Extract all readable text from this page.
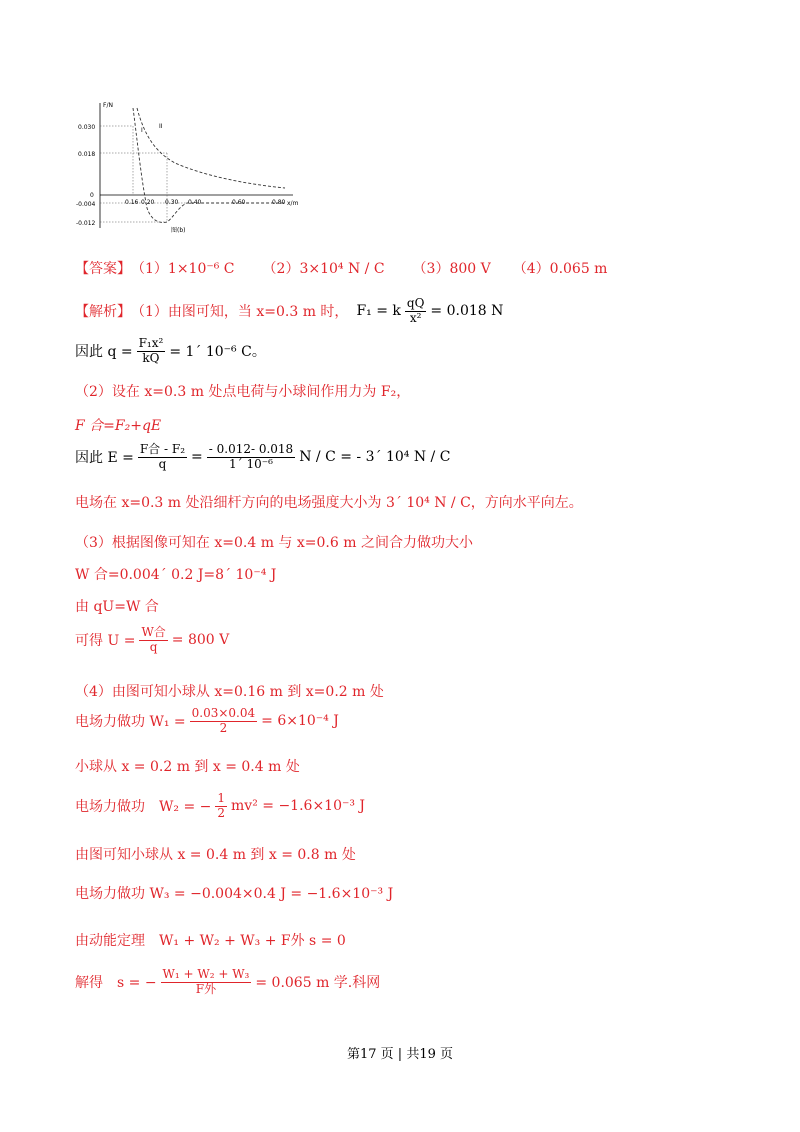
F/N
x/m
0.030
0.018
0
-0.004
-0.012
0.16 0.20 0.30 0.40	0.60	0.80
I
II
图(b)
【答案】 （1）1×10⁻⁶ C （2）3×10⁴ N / C （3）800 V （4）0.065 m
【解析】 （1）由图可知，当 x=0.3 m 时， F₁ = k $\frac{qQ}{\text{x²}} = 0.018$ N
因此 $q = \frac{\text{F₁x²}}{kQ}$ = 1´ 10⁻⁶ C。
（2）设在 x=0.3 m 处点电荷与小球间作用力为 F₂，
F 合=F₂+qE
因此 $E = \frac{\text{F合 - F₂}}{q} = \frac{- 0.012- 0.018}{\text{1´ 10⁻⁶}}$ N / C = - 3´ 10⁴ N / C
电场在 x=0.3 m 处沿细杆方向的电场强度大小为 3´ 10⁴ N / C，方向水平向左。
（3）根据图像可知在 x=0.4 m 与 x=0.6 m 之间合力做功大小
W 合=0.004´ 0.2 J=8´ 10⁻⁴ J
由 qU=W 合
可得 $U = \frac{\text{W合}}{q} = 800$ V
（4）由图可知小球从 x=0.16 m 到 x=0.2 m 处
电场力做功 $W_1 = \frac{0.03\times 0.04}{2} = 6\times 10^{-4}$ J
小球从 x = 0.2 m 到 x = 0.4 m 处
电场力做功　W₂ = − $\frac{1}{2} mv^2 = -1.6\times 10^{-3}$ J
由图可知小球从 x = 0.4 m 到 x = 0.8 m 处
电场力做功 W₃ = −0.004×0.4 J = −1.6×10⁻³ J
由动能定理　W₁ + W₂ + W₃ + F外 s = 0
解得　s = − $\frac{\text{W₁ + W₂ + W₃}}{\text{F外}} = 0.065$ m 学.科网
第17 页 | 共19 页
